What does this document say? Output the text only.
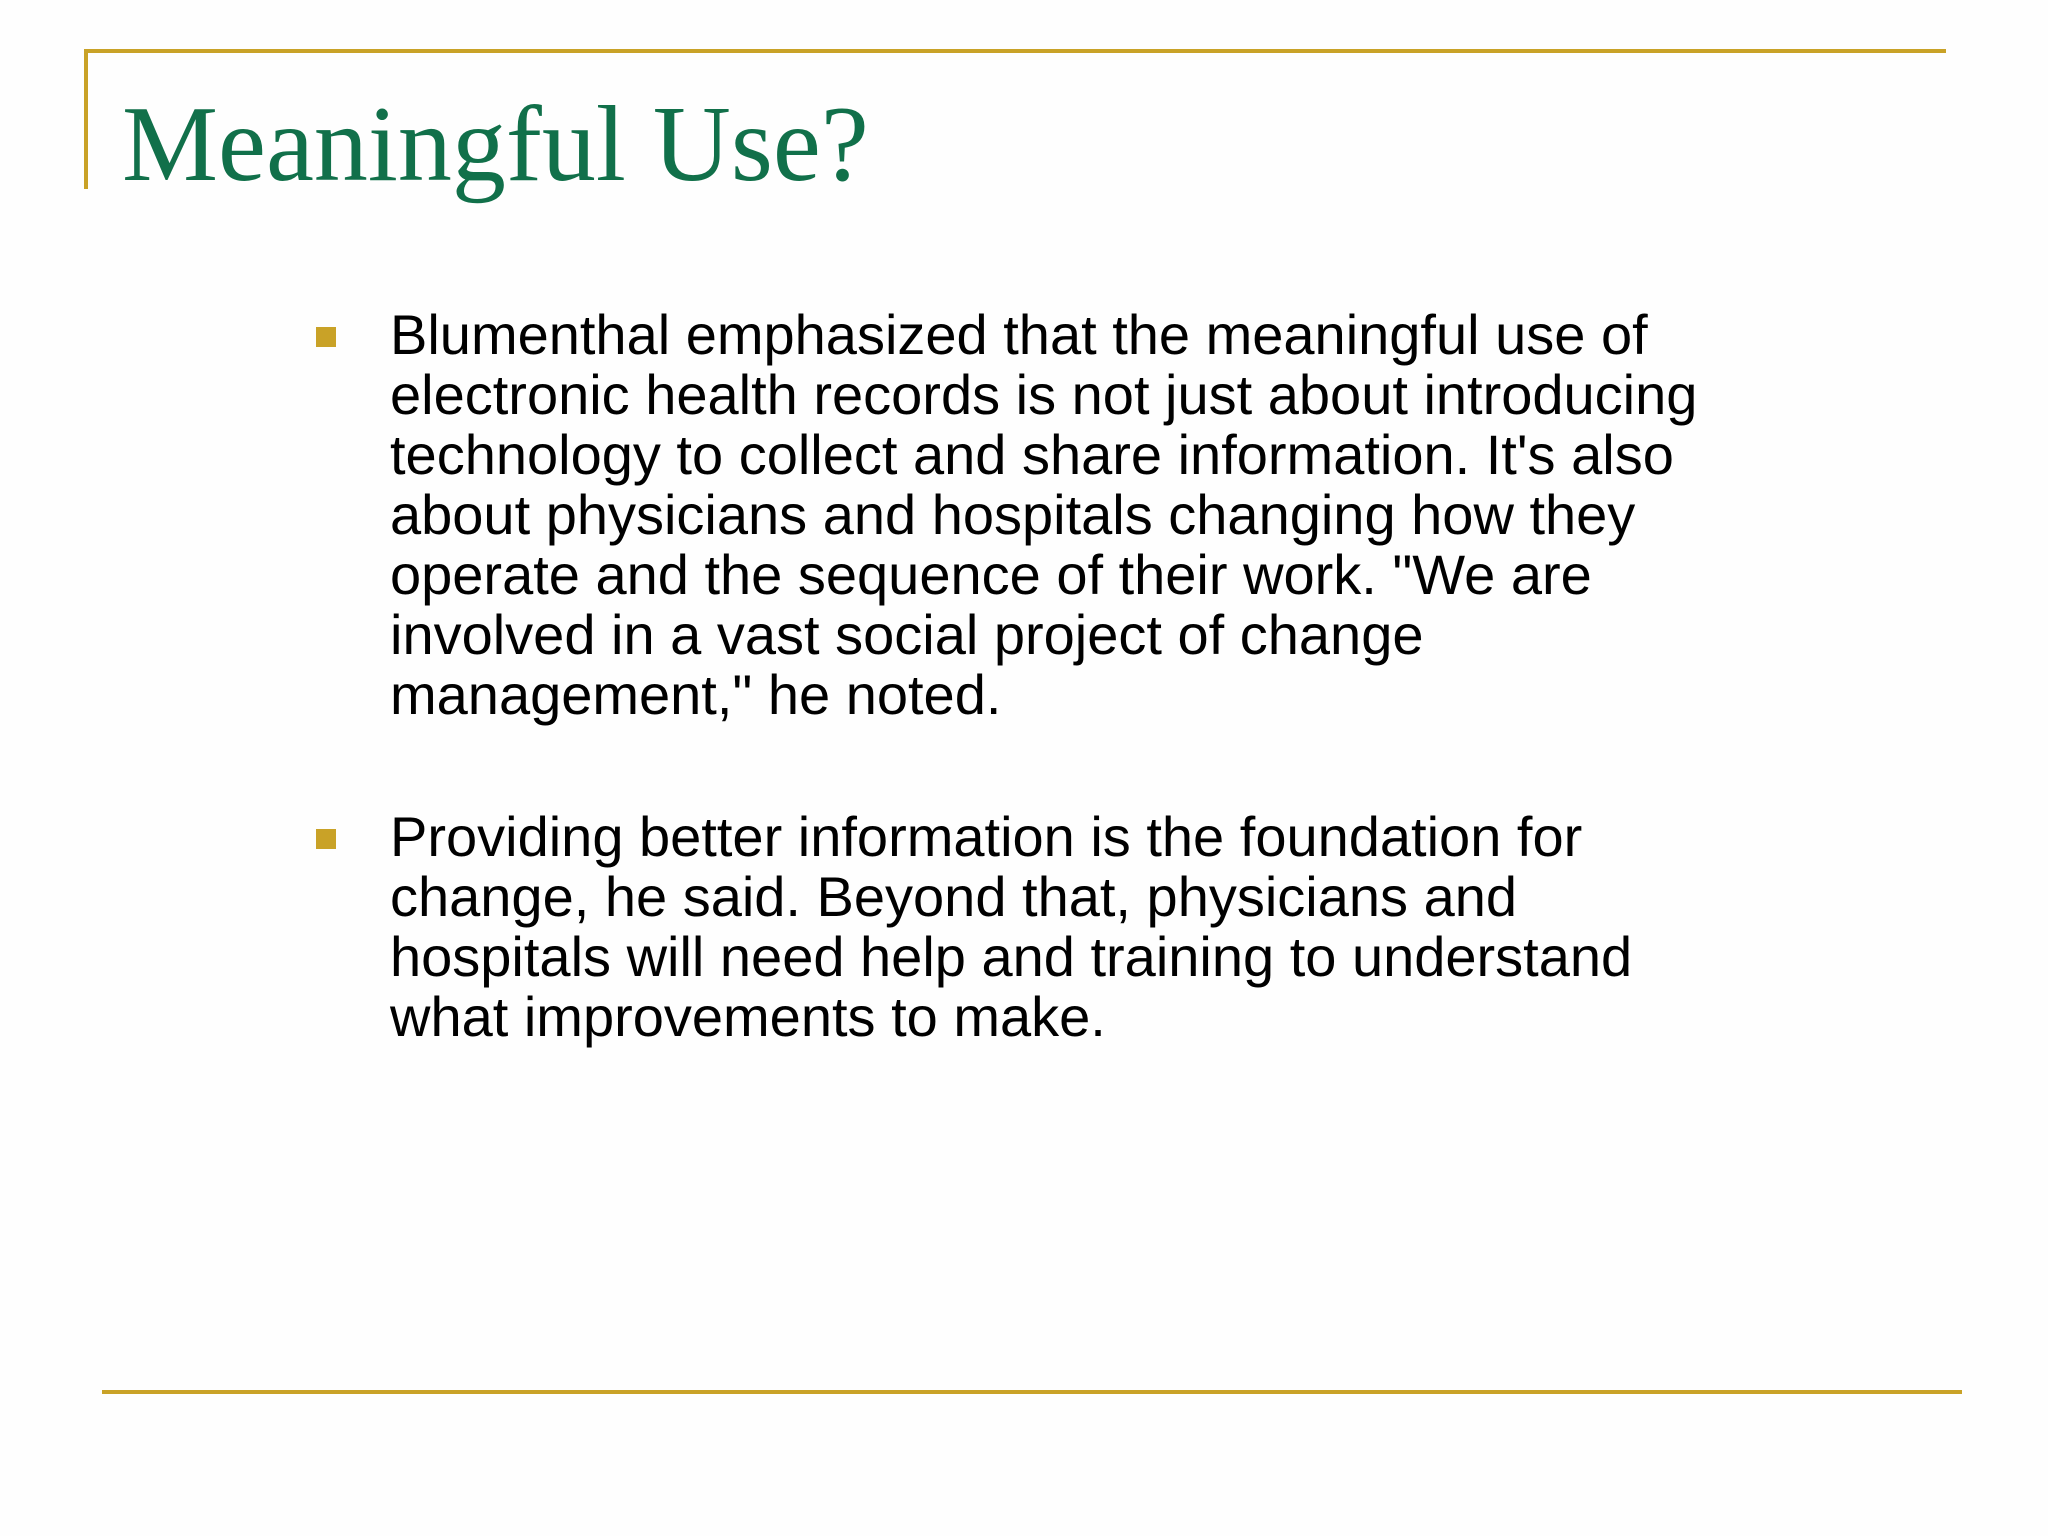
Meaningful Use?
Blumenthal emphasized that the meaningful use of electronic health records is not just about introducing technology to collect and share information. It's also about physicians and hospitals changing how they operate and the sequence of their work. "We are involved in a vast social project of change management," he noted.
Providing better information is the foundation for change, he said. Beyond that, physicians and hospitals will need help and training to understand what improvements to make.
